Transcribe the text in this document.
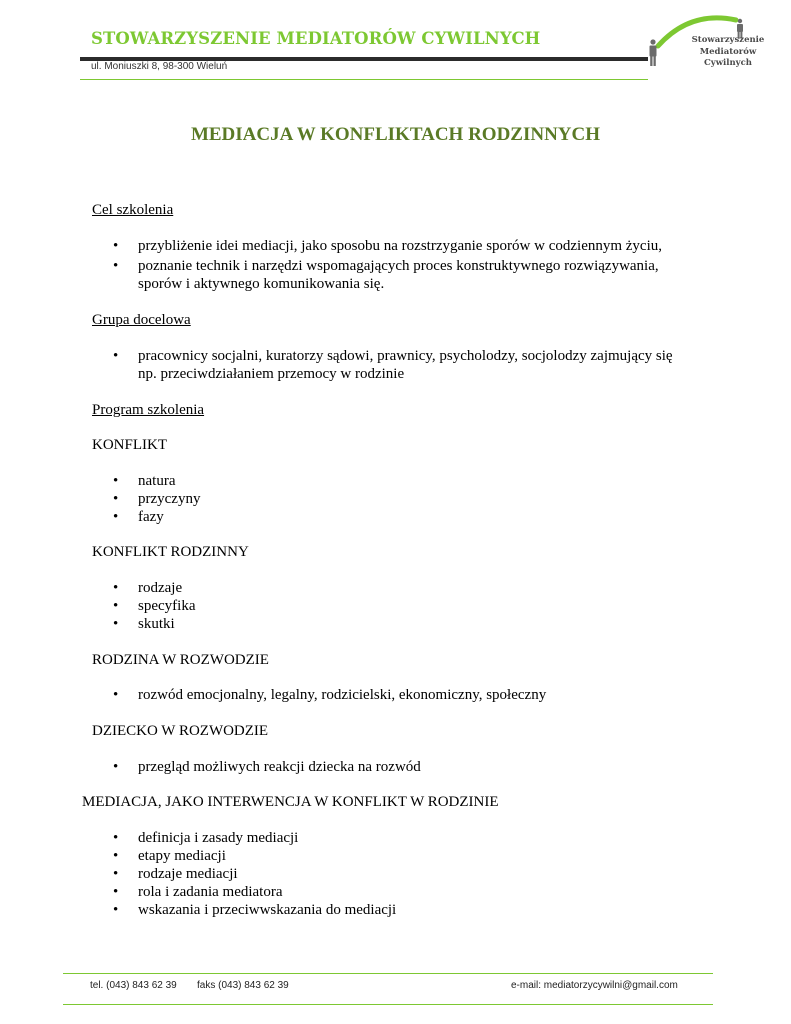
STOWARZYSZENIE MEDIATORÓW CYWILNYCH
ul. Moniuszki 8, 98-300 Wieluń
Stowarzyszenie
Mediatorów
Cywilnych
MEDIACJA W KONFLIKTACH RODZINNYCH
Cel szkolenia
• przybliżenie idei mediacji, jako sposobu na rozstrzyganie sporów w codziennym życiu,
• poznanie technik i narzędzi wspomagających proces konstruktywnego rozwiązywania,
sporów i aktywnego komunikowania się.
Grupa docelowa
• pracownicy socjalni, kuratorzy sądowi, prawnicy, psycholodzy, socjolodzy zajmujący się
np. przeciwdziałaniem przemocy w rodzinie
Program szkolenia
KONFLIKT
• natura
• przyczyny
• fazy
KONFLIKT RODZINNY
• rodzaje
• specyfika
• skutki
RODZINA W ROZWODZIE
• rozwód emocjonalny, legalny, rodzicielski, ekonomiczny, społeczny
DZIECKO W ROZWODZIE
• przegląd możliwych reakcji dziecka na rozwód
MEDIACJA, JAKO INTERWENCJA W KONFLIKT W RODZINIE
• definicja i zasady mediacji
• etapy mediacji
• rodzaje mediacji
• rola i zadania mediatora
• wskazania i przeciwwskazania do mediacji
tel. (043) 843 62 39 faks (043) 843 62 39	e-mail: mediatorzycywilni@gmail.com
